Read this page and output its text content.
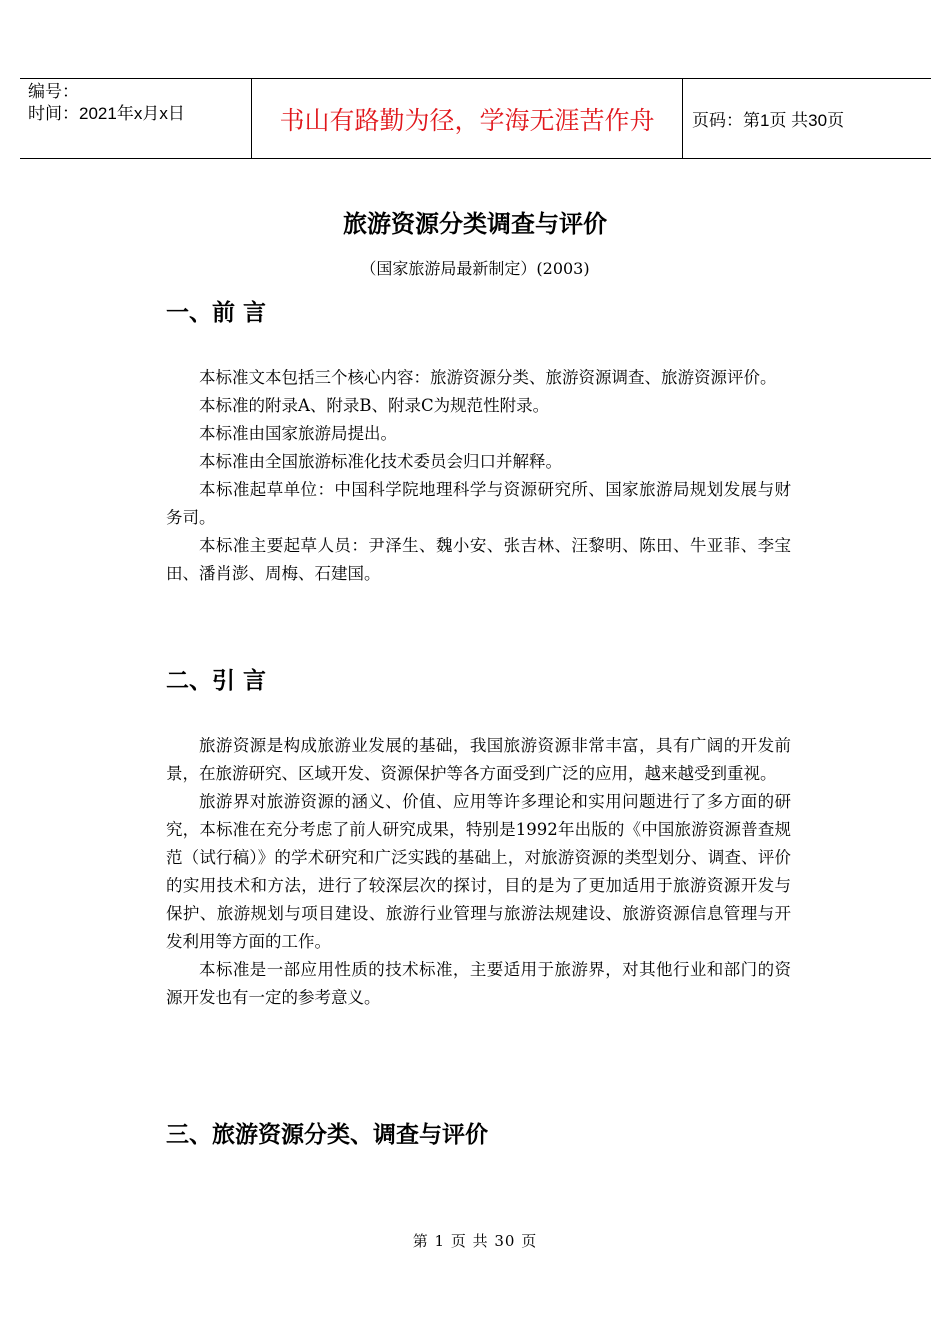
编号：
时间：2021年x月x日	书山有路勤为径，学海无涯苦作舟	页码：第1页 共30页
旅游资源分类调查与评价
（国家旅游局最新制定）(2003)
一、前 言

本标准文本包括三个核心内容：旅游资源分类、旅游资源调查、旅游资源评价。

本标准的附录A、附录B、附录C为规范性附录。

本标准由国家旅游局提出。

本标准由全国旅游标准化技术委员会归口并解释。

本标准起草单位：中国科学院地理科学与资源研究所、国家旅游局规划发展与财务司。

本标准主要起草人员：尹泽生、魏小安、张吉林、汪黎明、陈田、牛亚菲、李宝田、潘肖澎、周梅、石建国。

二、引 言

旅游资源是构成旅游业发展的基础，我国旅游资源非常丰富，具有广阔的开发前景，在旅游研究、区域开发、资源保护等各方面受到广泛的应用，越来越受到重视。

旅游界对旅游资源的涵义、价值、应用等许多理论和实用问题进行了多方面的研究，本标准在充分考虑了前人研究成果，特别是1992年出版的《中国旅游资源普查规范（试行稿）》的学术研究和广泛实践的基础上，对旅游资源的类型划分、调查、评价的实用技术和方法，进行了较深层次的探讨，目的是为了更加适用于旅游资源开发与保护、旅游规划与项目建设、旅游行业管理与旅游法规建设、旅游资源信息管理与开发利用等方面的工作。

本标准是一部应用性质的技术标准，主要适用于旅游界，对其他行业和部门的资源开发也有一定的参考意义。

三、旅游资源分类、调查与评价
第 1 页 共 30 页
